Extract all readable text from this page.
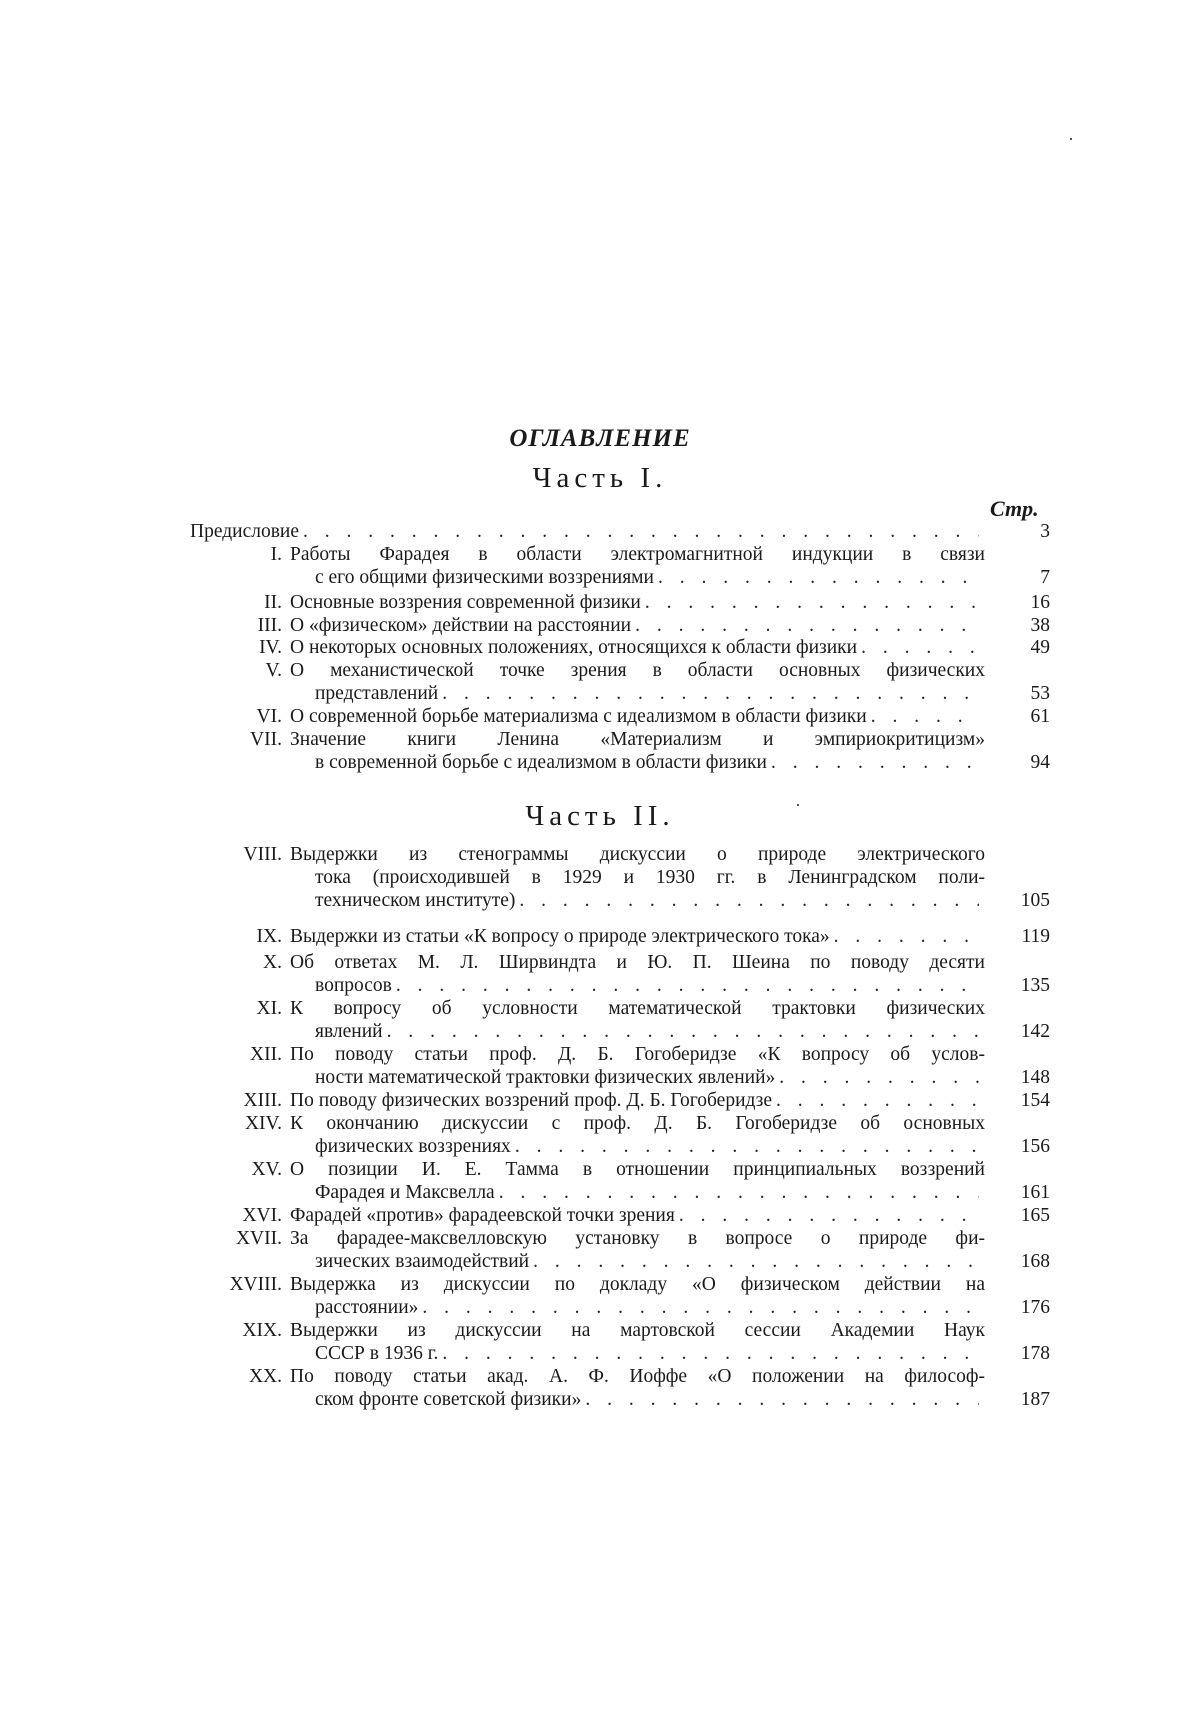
ОГЛАВЛЕНИЕ
Часть I.
Стр.
Часть II.
Предисловие . . .	3
I. Работы Фарадея в области электромагнитной индукции в связи
с его общими физическими воззрениями . . .	7
II. Основные воззрения современной физики . . .	16
III. О «физическом» действии на расстоянии . . .	38
IV. О некоторых основных положениях, относящихся к области физики . . .	49
V. О механистической точке зрения в области основных физических
представлений . . .	53
VI. О современной борьбе материализма с идеализмом в области физики . . .	61
VII. Значение книги Ленина «Материализм и эмпириокритицизм»
в современной борьбе с идеализмом в области физики . . .	94
VIII. Выдержки из стенограммы дискуссии о природе электрического
тока (происходившей в 1929 и 1930 гг. в Ленинградском поли-
техническом институте) . . .	105
IX. Выдержки из статьи «К вопросу о природе электрического тока» . . .	119
X. Об ответах М. Л. Ширвиндта и Ю. П. Шеина по поводу десяти
вопросов . . .	135
XI. К вопросу об условности математической трактовки физических
явлений . . .	142
XII. По поводу статьи проф. Д. Б. Гогоберидзе «К вопросу об услов-
ности математической трактовки физических явлений» . . .	148
XIII. По поводу физических воззрений проф. Д. Б. Гогоберидзе . . .	154
XIV. К окончанию дискуссии с проф. Д. Б. Гогоберидзе об основных
физических воззрениях . . .	156
XV. О позиции И. Е. Тамма в отношении принципиальных воззрений
Фарадея и Максвелла . . .	161
XVI. Фарадей «против» фарадеевской точки зрения . . .	165
XVII. За фарадее-максвелловскую установку в вопросе о природе фи-
зических взаимодействий . . .	168
XVIII. Выдержка из дискуссии по докладу «О физическом действии на
расстоянии» . . .	176
XIX. Выдержки из дискуссии на мартовской сессии Академии Наук
СССР в 1936 г. . . .	178
XX. По поводу статьи акад. А. Ф. Иоффе «О положении на философ-
ском фронте советской физики» . . .	187
